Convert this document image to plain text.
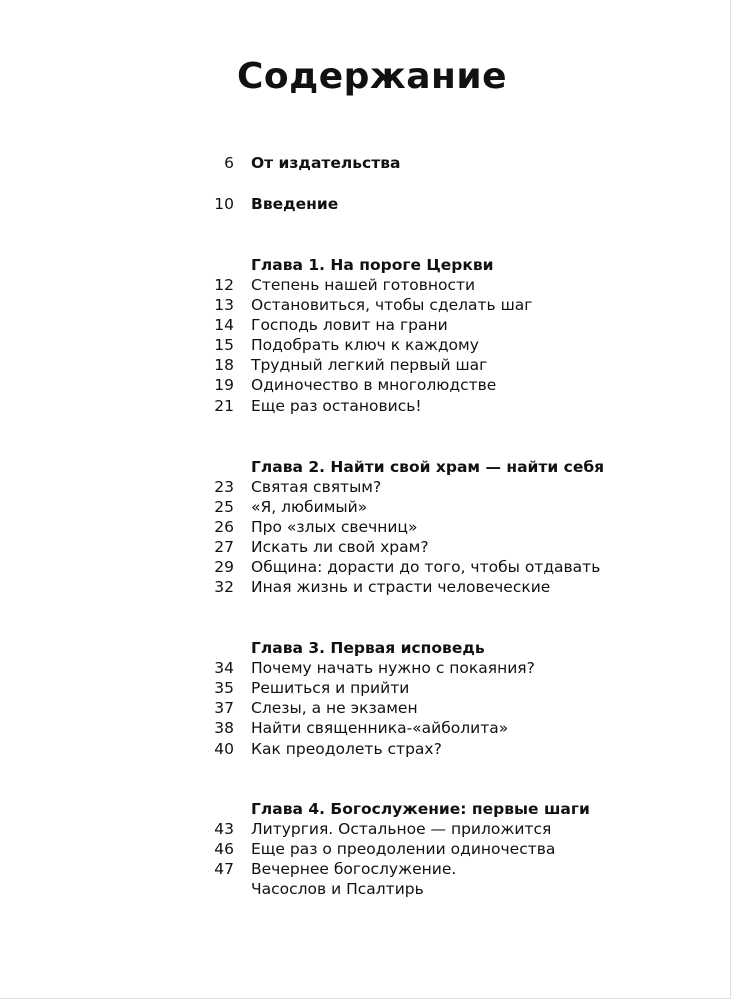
Содержание
6 От издательства
10 Введение
Глава 1. На пороге Церкви
12 Степень нашей готовности
13 Остановиться, чтобы сделать шаг
14 Господь ловит на грани
15 Подобрать ключ к каждому
18 Трудный легкий первый шаг
19 Одиночество в многолюдстве
21 Еще раз остановись!
Глава 2. Найти свой храм — найти себя
23 Святая святым?
25 «Я, любимый»
26 Про «злых свечниц»
27 Искать ли свой храм?
29 Община: дорасти до того, чтобы отдавать
32 Иная жизнь и страсти человеческие
Глава 3. Первая исповедь
34 Почему начать нужно с покаяния?
35 Решиться и прийти
37 Слезы, а не экзамен
38 Найти священника-«айболита»
40 Как преодолеть страх?
Глава 4. Богослужение: первые шаги
43 Литургия. Остальное — приложится
46 Еще раз о преодолении одиночества
47 Вечернее богослужение.
Часослов и Псалтирь
